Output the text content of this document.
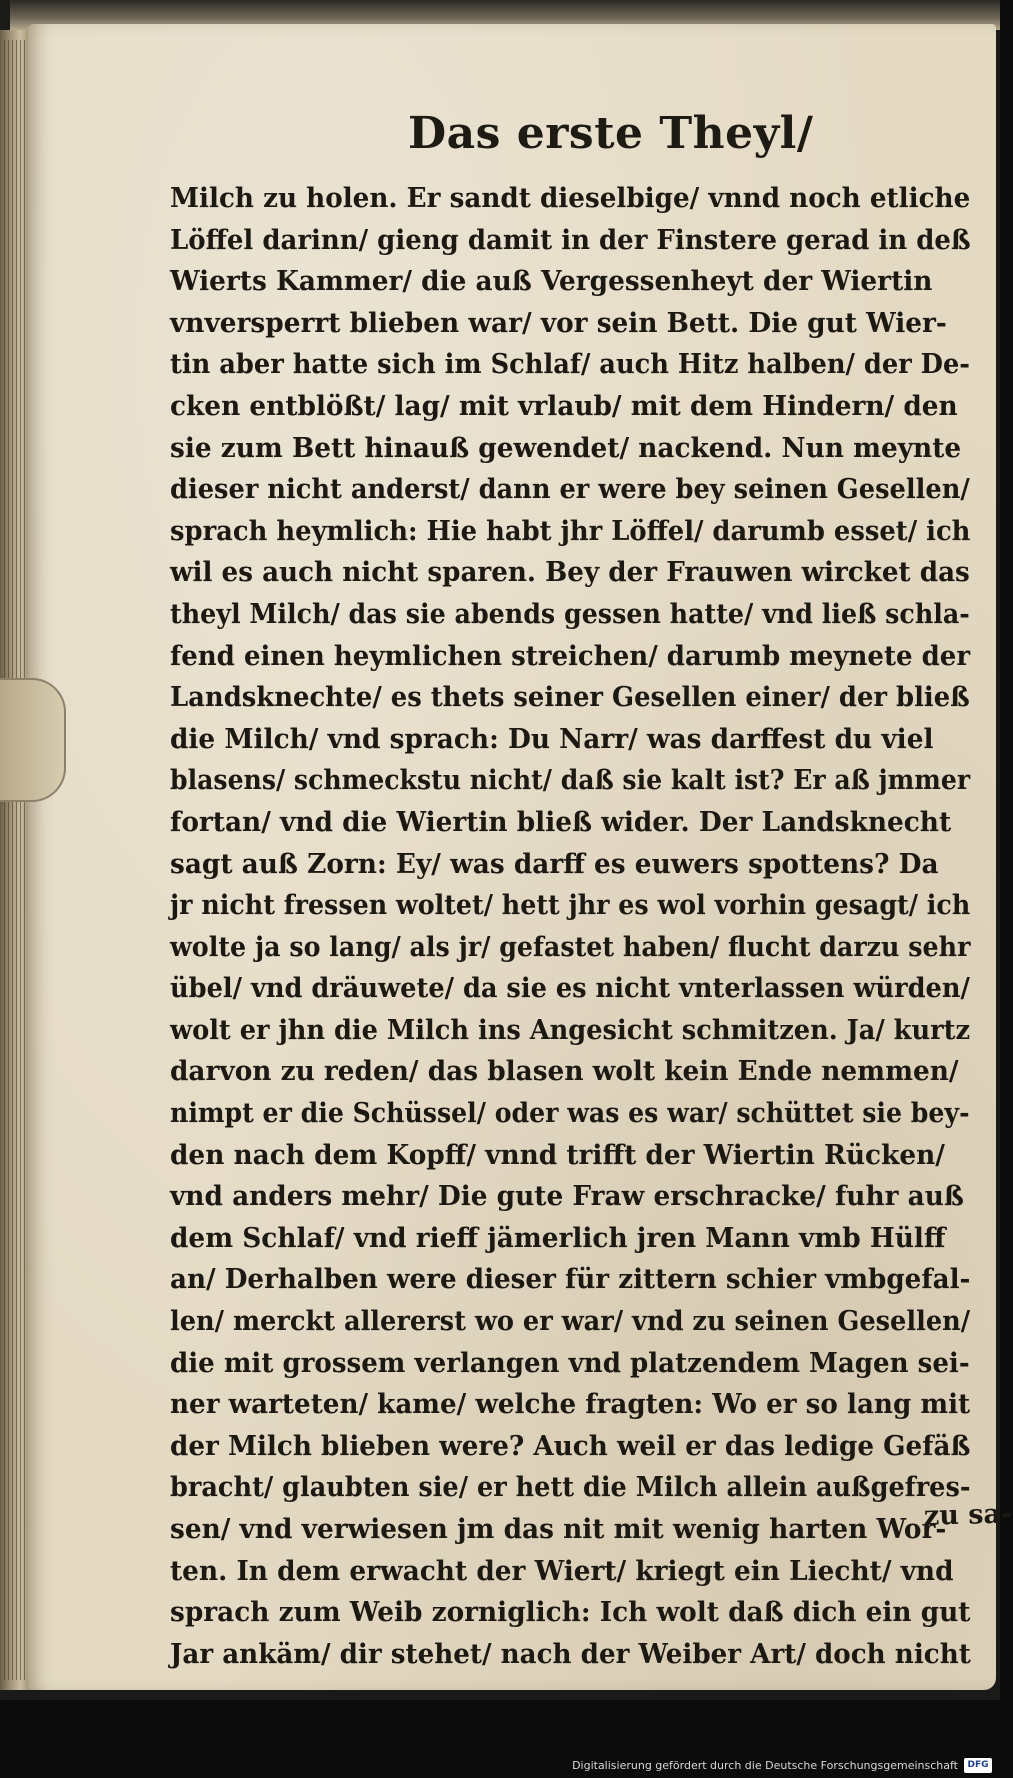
Das erste Theyl/
Milch zu holen. Er sandt dieselbige/ vnnd noch etliche
Löffel darinn/ gieng damit in der Finstere gerad in deß
Wierts Kammer/ die auß Vergessenheyt der Wiertin
vnversperrt blieben war/ vor sein Bett. Die gut Wier-
tin aber hatte sich im Schlaf/ auch Hitz halben/ der De-
cken entblößt/ lag/ mit vrlaub/ mit dem Hindern/ den
sie zum Bett hinauß gewendet/ nackend. Nun meynte
dieser nicht anderst/ dann er were bey seinen Gesellen/
sprach heymlich: Hie habt jhr Löffel/ darumb esset/ ich
wil es auch nicht sparen. Bey der Frauwen wircket das
theyl Milch/ das sie abends gessen hatte/ vnd ließ schla-
fend einen heymlichen streichen/ darumb meynete der
Landsknechte/ es thets seiner Gesellen einer/ der bließ
die Milch/ vnd sprach: Du Narr/ was darffest du viel
blasens/ schmeckstu nicht/ daß sie kalt ist? Er aß jmmer
fortan/ vnd die Wiertin bließ wider. Der Landsknecht
sagt auß Zorn: Ey/ was darff es euwers spottens? Da
jr nicht fressen woltet/ hett jhr es wol vorhin gesagt/ ich
wolte ja so lang/ als jr/ gefastet haben/ flucht darzu sehr
übel/ vnd dräuwete/ da sie es nicht vnterlassen würden/
wolt er jhn die Milch ins Angesicht schmitzen. Ja/ kurtz
darvon zu reden/ das blasen wolt kein Ende nemmen/
nimpt er die Schüssel/ oder was es war/ schüttet sie bey-
den nach dem Kopff/ vnnd trifft der Wiertin Rücken/
vnd anders mehr/ Die gute Fraw erschracke/ fuhr auß
dem Schlaf/ vnd rieff jämerlich jren Mann vmb Hülff
an/ Derhalben were dieser für zittern schier vmbgefal-
len/ merckt allererst wo er war/ vnd zu seinen Gesellen/
die mit grossem verlangen vnd platzendem Magen sei-
ner warteten/ kame/ welche fragten: Wo er so lang mit
der Milch blieben were? Auch weil er das ledige Gefäß
bracht/ glaubten sie/ er hett die Milch allein außgefres-
sen/ vnd verwiesen jm das nit mit wenig harten Wor-
ten. In dem erwacht der Wiert/ kriegt ein Liecht/ vnd
sprach zum Weib zorniglich: Ich wolt daß dich ein gut
Jar ankäm/ dir stehet/ nach der Weiber Art/ doch nicht
zu sa-
Digitalisierung gefördert durch die Deutsche Forschungsgemeinschaft	DFG
